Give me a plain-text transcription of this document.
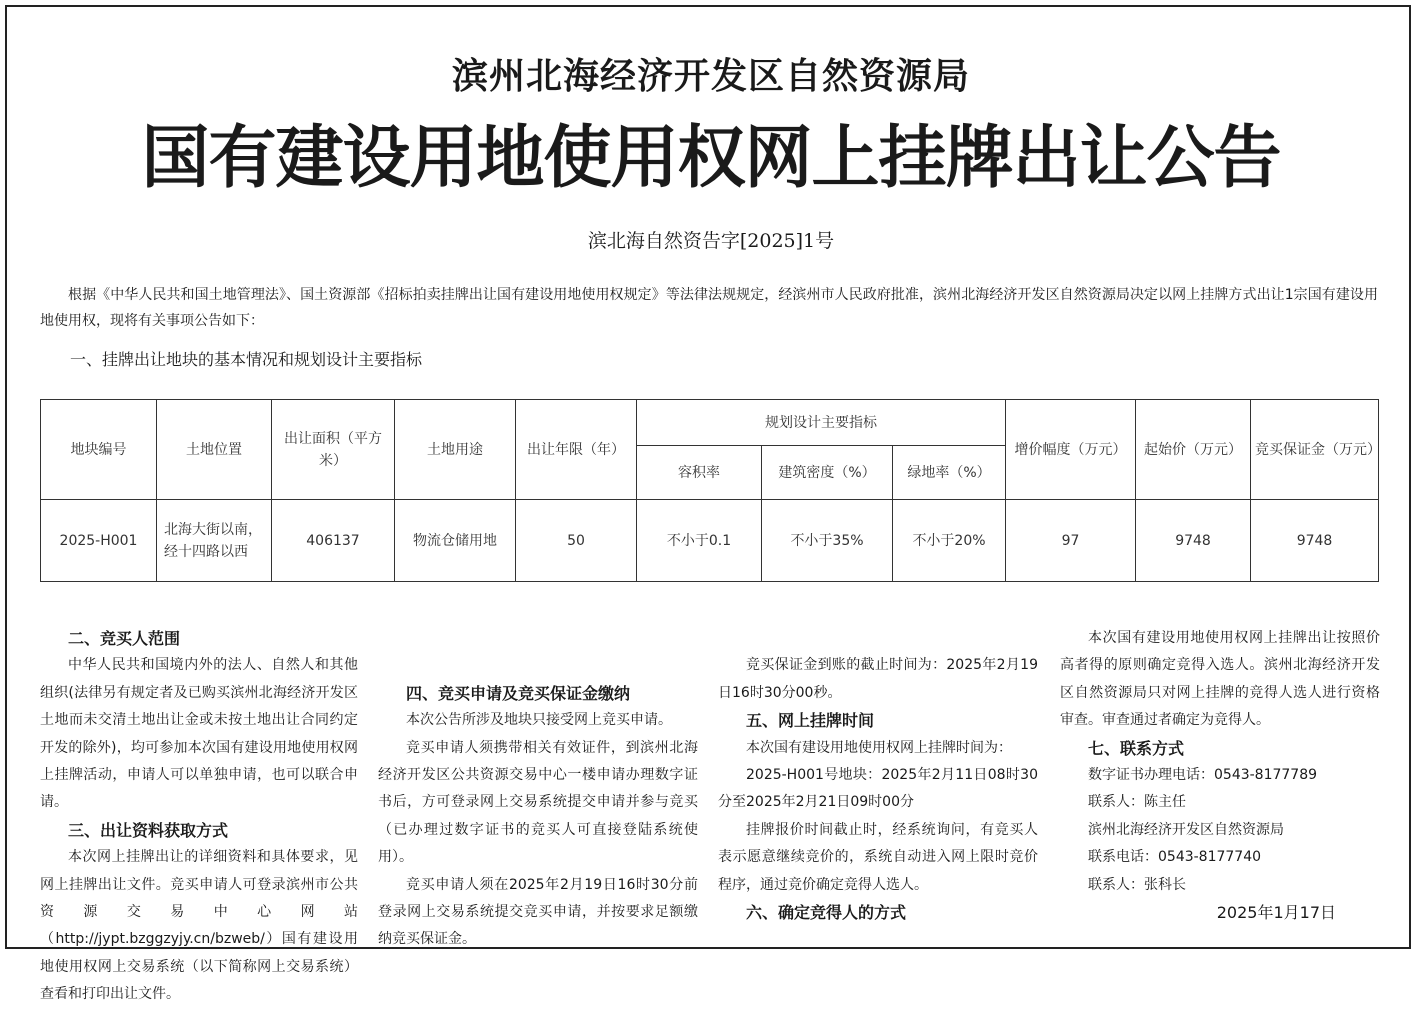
滨州北海经济开发区自然资源局
国有建设用地使用权网上挂牌出让公告
滨北海自然资告字[2025]1号
根据《中华人民共和国土地管理法》、国土资源部《招标拍卖挂牌出让国有建设用地使用权规定》等法律法规规定，经滨州市人民政府批准，滨州北海经济开发区自然资源局决定以网上挂牌方式出让1宗国有建设用地使用权，现将有关事项公告如下：
一、挂牌出让地块的基本情况和规划设计主要指标
地块编号	土地位置	出让面积（平方米）	土地用途	出让年限（年）	规划设计主要指标			增价幅度（万元）	起始价（万元）	竞买保证金（万元）
					容积率	建筑密度（%）	绿地率（%）			
2025-H001	北海大街以南，经十四路以西	406137	物流仓储用地	50	不小于0.1	不小于35%	不小于20%	97	9748	9748
二、竞买人范围

中华人民共和国境内外的法人、自然人和其他组织(法律另有规定者及已购买滨州北海经济开发区土地而未交清土地出让金或未按土地出让合同约定开发的除外)，均可参加本次国有建设用地使用权网上挂牌活动，申请人可以单独申请，也可以联合申请。

三、出让资料获取方式

本次网上挂牌出让的详细资料和具体要求，见网上挂牌出让文件。竞买申请人可登录滨州市公共资源交易中心网站（http://jypt.bzggzyjy.cn/bzweb/）国有建设用地使用权网上交易系统（以下简称网上交易系统）查看和打印出让文件。

四、竞买申请及竞买保证金缴纳

本次公告所涉及地块只接受网上竞买申请。

竞买申请人须携带相关有效证件，到滨州北海经济开发区公共资源交易中心一楼申请办理数字证书后，方可登录网上交易系统提交申请并参与竞买（已办理过数字证书的竞买人可直接登陆系统使用）。

竞买申请人须在2025年2月19日16时30分前登录网上交易系统提交竞买申请，并按要求足额缴纳竞买保证金。

竞买保证金到账的截止时间为：2025年2月19日16时30分00秒。

五、网上挂牌时间

本次国有建设用地使用权网上挂牌时间为：

2025-H001号地块：2025年2月11日08时30分至2025年2月21日09时00分

挂牌报价时间截止时，经系统询问，有竞买人表示愿意继续竞价的，系统自动进入网上限时竞价程序，通过竞价确定竞得人选人。

六、确定竞得人的方式

本次国有建设用地使用权网上挂牌出让按照价高者得的原则确定竞得入选人。滨州北海经济开发区自然资源局只对网上挂牌的竞得人选人进行资格审查。审查通过者确定为竞得人。

七、联系方式

数字证书办理电话：0543-8177789

联系人：陈主任

滨州北海经济开发区自然资源局

联系电话：0543-8177740

联系人：张科长

2025年1月17日
